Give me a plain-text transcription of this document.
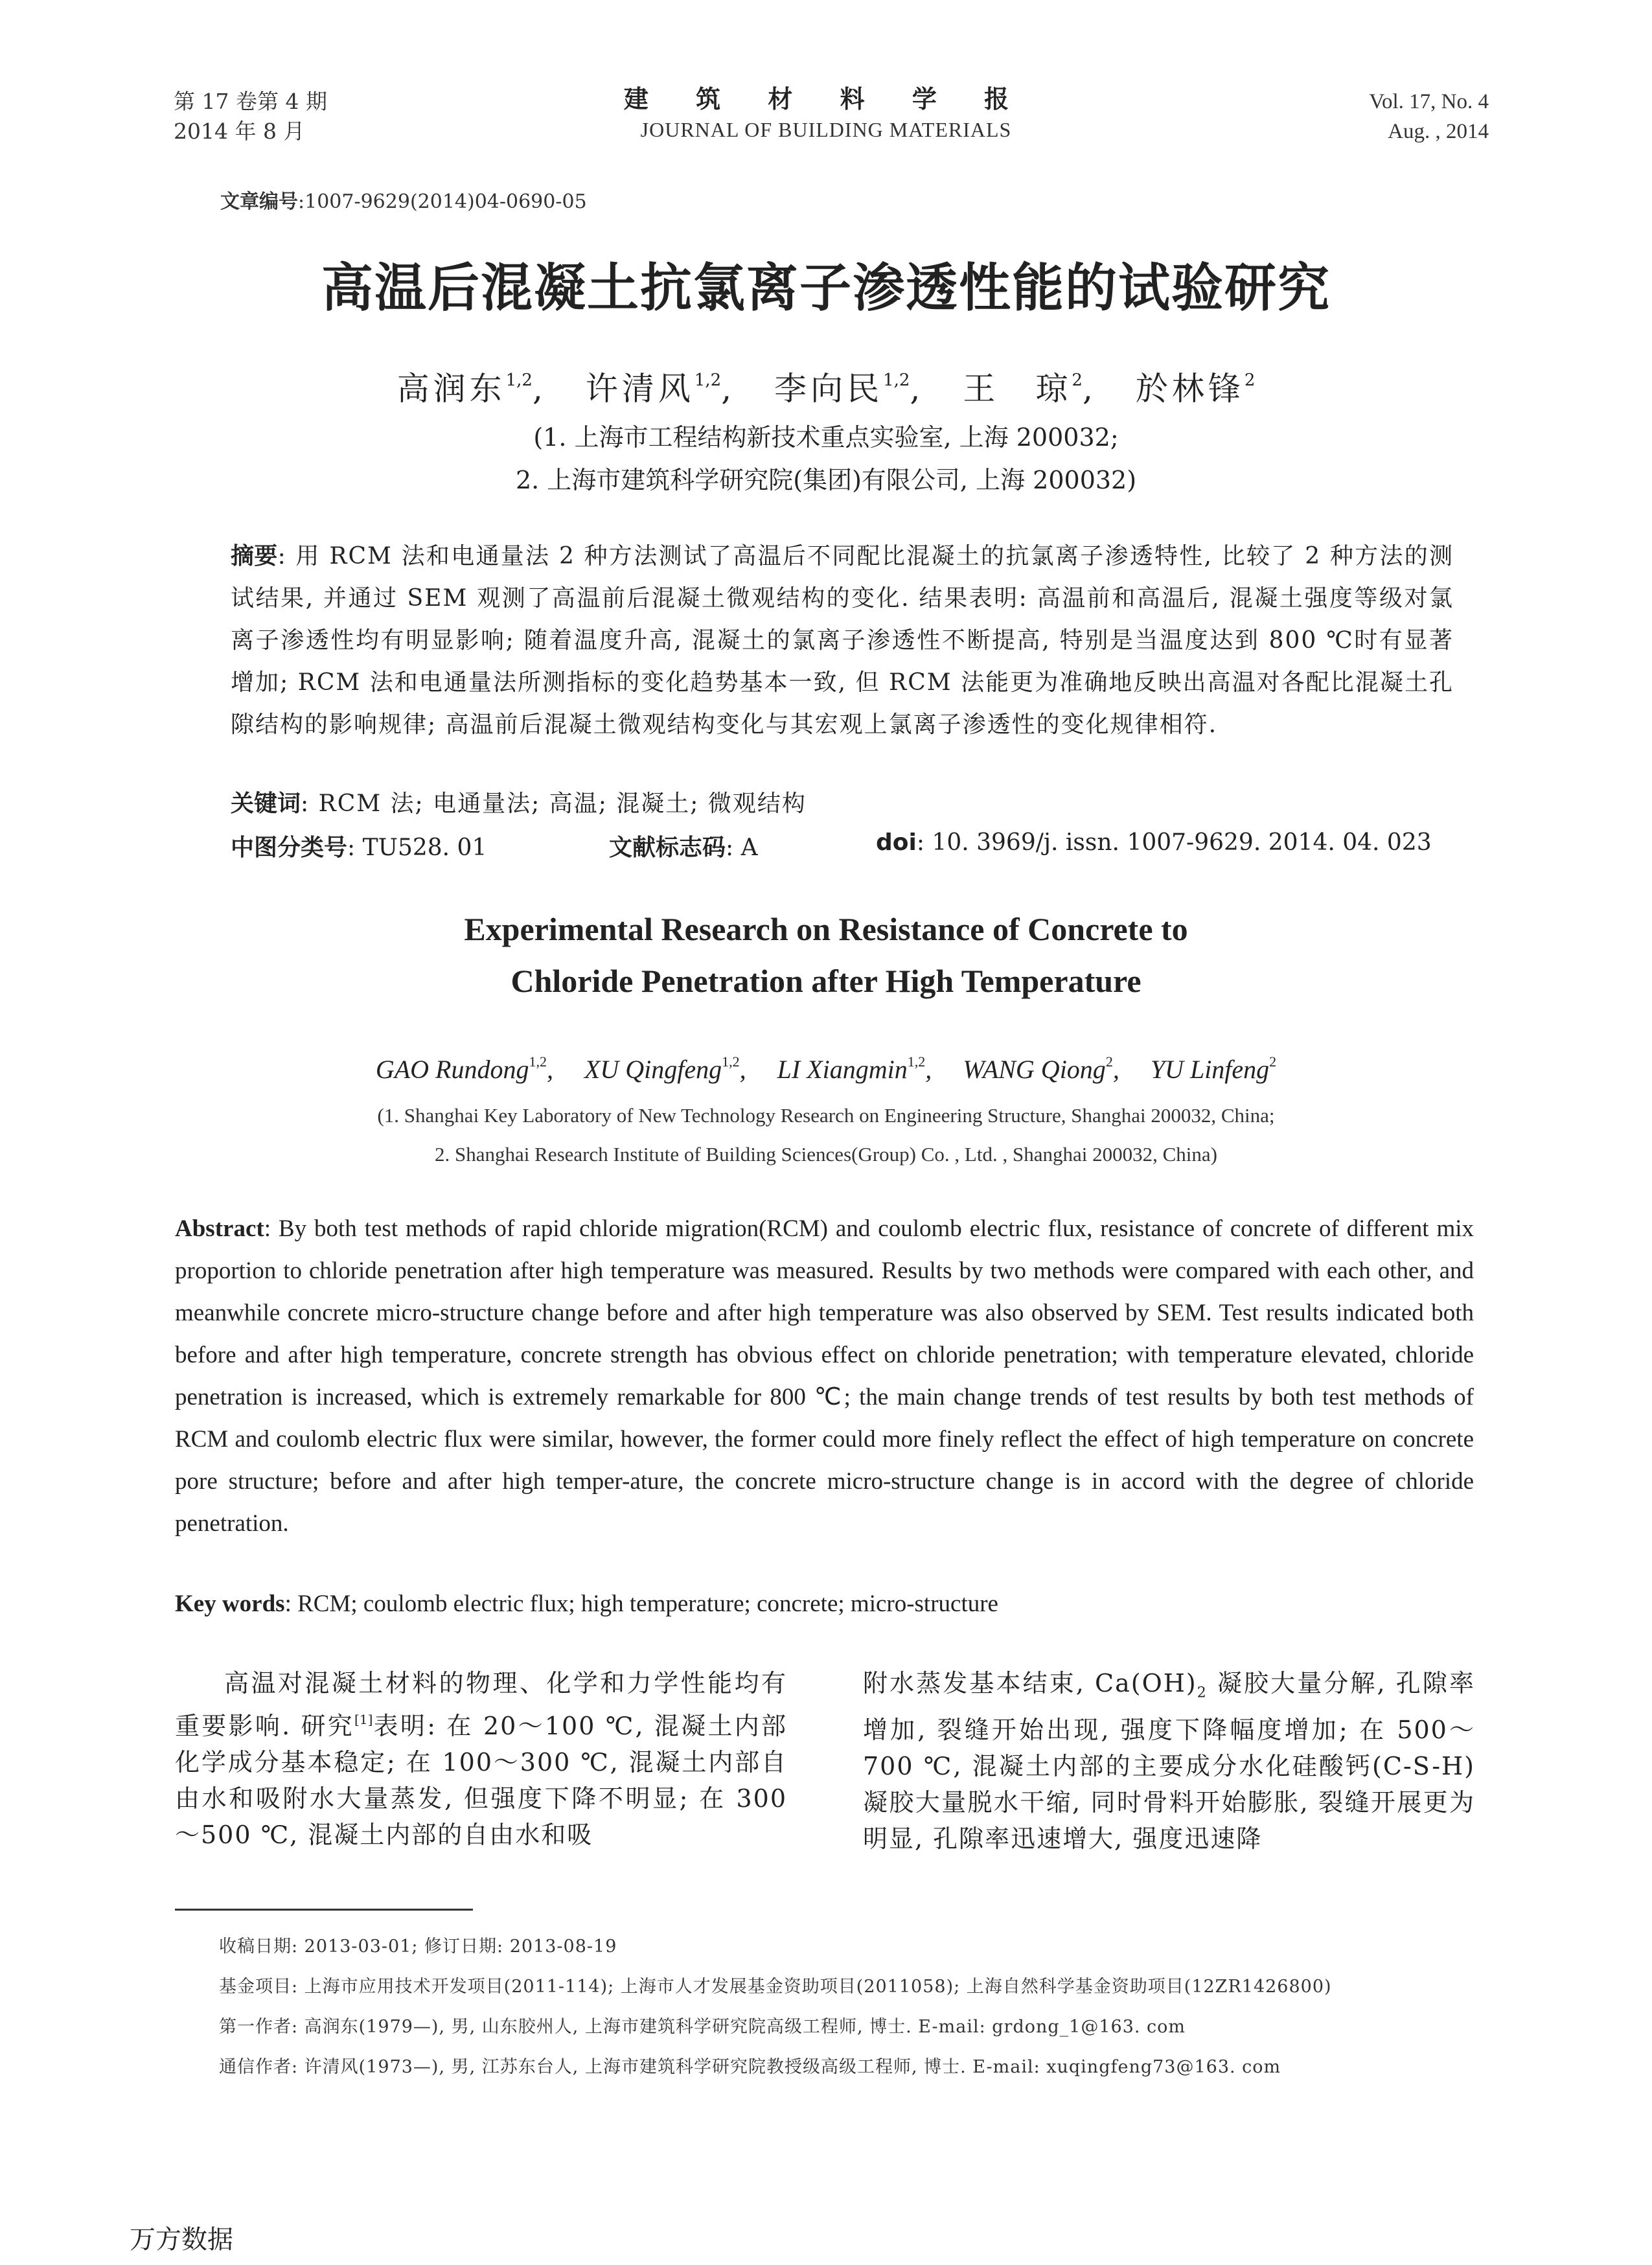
第 17 卷第 4 期
2014 年 8 月
建 筑 材 料 学 报
JOURNAL OF BUILDING MATERIALS
Vol. 17, No. 4
Aug. , 2014
文章编号:1007-9629(2014)04-0690-05
高温后混凝土抗氯离子渗透性能的试验研究
高润东$^{1,2}$, 许清风$^{1,2}$, 李向民$^{1,2}$, 王　琼$^2$, 於林锋$^2$
(1. 上海市工程结构新技术重点实验室, 上海 200032;
2. 上海市建筑科学研究院(集团)有限公司, 上海 200032)
摘要: 用 RCM 法和电通量法 2 种方法测试了高温后不同配比混凝土的抗氯离子渗透特性, 比较了 2 种方法的测试结果, 并通过 SEM 观测了高温前后混凝土微观结构的变化. 结果表明: 高温前和高温后, 混凝土强度等级对氯离子渗透性均有明显影响; 随着温度升高, 混凝土的氯离子渗透性不断提高, 特别是当温度达到 800 ℃时有显著增加; RCM 法和电通量法所测指标的变化趋势基本一致, 但 RCM 法能更为准确地反映出高温对各配比混凝土孔隙结构的影响规律; 高温前后混凝土微观结构变化与其宏观上氯离子渗透性的变化规律相符.
关键词: RCM 法; 电通量法; 高温; 混凝土; 微观结构
中图分类号: TU528. 01	文献标志码: A	doi: 10. 3969/j. issn. 1007-9629. 2014. 04. 023
Experimental Research on Resistance of Concrete to
Chloride Penetration after High Temperature
GAO Rundong$^{1,2}$, XU Qingfeng$^{1,2}$, LI Xiangmin$^{1,2}$, WANG Qiong$^2$, YU Linfeng$^2$
(1. Shanghai Key Laboratory of New Technology Research on Engineering Structure, Shanghai 200032, China;
2. Shanghai Research Institute of Building Sciences(Group) Co. , Ltd. , Shanghai 200032, China)
Abstract: By both test methods of rapid chloride migration(RCM) and coulomb electric flux, resistance of concrete of different mix proportion to chloride penetration after high temperature was measured. Results by two methods were compared with each other, and meanwhile concrete micro-structure change before and after high temperature was also observed by SEM. Test results indicated both before and after high temperature, concrete strength has obvious effect on chloride penetration; with temperature elevated, chloride penetration is increased, which is extremely remarkable for 800 ℃; the main change trends of test results by both test methods of RCM and coulomb electric flux were similar, however, the former could more finely reflect the effect of high temperature on concrete pore structure; before and after high temper-ature, the concrete micro-structure change is in accord with the degree of chloride penetration.
Key words: RCM; coulomb electric flux; high temperature; concrete; micro-structure
高温对混凝土材料的物理、化学和力学性能均有重要影响. 研究[1]表明: 在 20～100 ℃, 混凝土内部化学成分基本稳定; 在 100～300 ℃, 混凝土内部自由水和吸附水大量蒸发, 但强度下降不明显; 在 300～500 ℃, 混凝土内部的自由水和吸
附水蒸发基本结束, $Ca(OH)_2$ 凝胶大量分解, 孔隙率增加, 裂缝开始出现, 强度下降幅度增加; 在 500～700 ℃, 混凝土内部的主要成分水化硅酸钙(C-S-H)凝胶大量脱水干缩, 同时骨料开始膨胀, 裂缝开展更为明显, 孔隙率迅速增大, 强度迅速降
收稿日期: 2013-03-01; 修订日期: 2013-08-19
基金项目: 上海市应用技术开发项目(2011-114); 上海市人才发展基金资助项目(2011058); 上海自然科学基金资助项目(12ZR1426800)
第一作者: 高润东(1979—), 男, 山东胶州人, 上海市建筑科学研究院高级工程师, 博士. E-mail: grdong_1@163. com
通信作者: 许清风(1973—), 男, 江苏东台人, 上海市建筑科学研究院教授级高级工程师, 博士. E-mail: xuqingfeng73@163. com
万方数据
